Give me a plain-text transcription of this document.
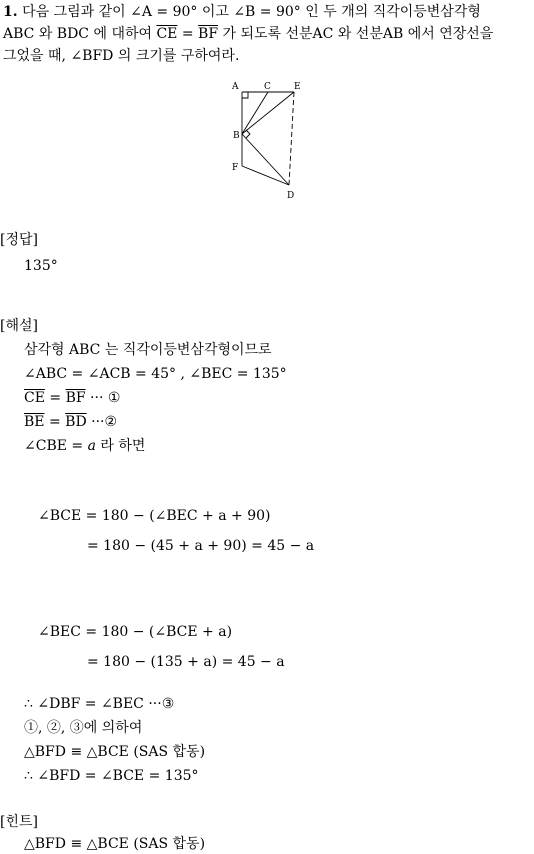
1. 다음 그림과 같이 ∠A = 90° 이고 ∠B = 90° 인 두 개의 직각이등변삼각형
ABC 와 BDC 에 대하여 $\overline{CE} = \overline{BF}$ 가 되도록 선분AC 와 선분AB 에서 연장선을
그었을 때, ∠BFD 의 크기를 구하여라.
A	C	E
B
F
D
[정답]
135°
[해설]
삼각형 ABC 는 직각이등변삼각형이므로
∠ABC = ∠ACB = 45° , ∠BEC = 135°
$\overline{CE} = \overline{BF}$ ··· ①
$\overline{BE} = \overline{BD}$ ···②
∠CBE = a 라 하면
∠BCE = 180 − (∠BEC + a + 90)
= 180 − (45 + a + 90) = 45 − a
∠BEC = 180 − (∠BCE + a)
= 180 − (135 + a) = 45 − a
∴ ∠DBF = ∠BEC ···③
①, ②, ③에 의하여
△BFD ≡ △BCE (SAS 합동)
∴ ∠BFD = ∠BCE = 135°
[힌트]
△BFD ≡ △BCE (SAS 합동)
